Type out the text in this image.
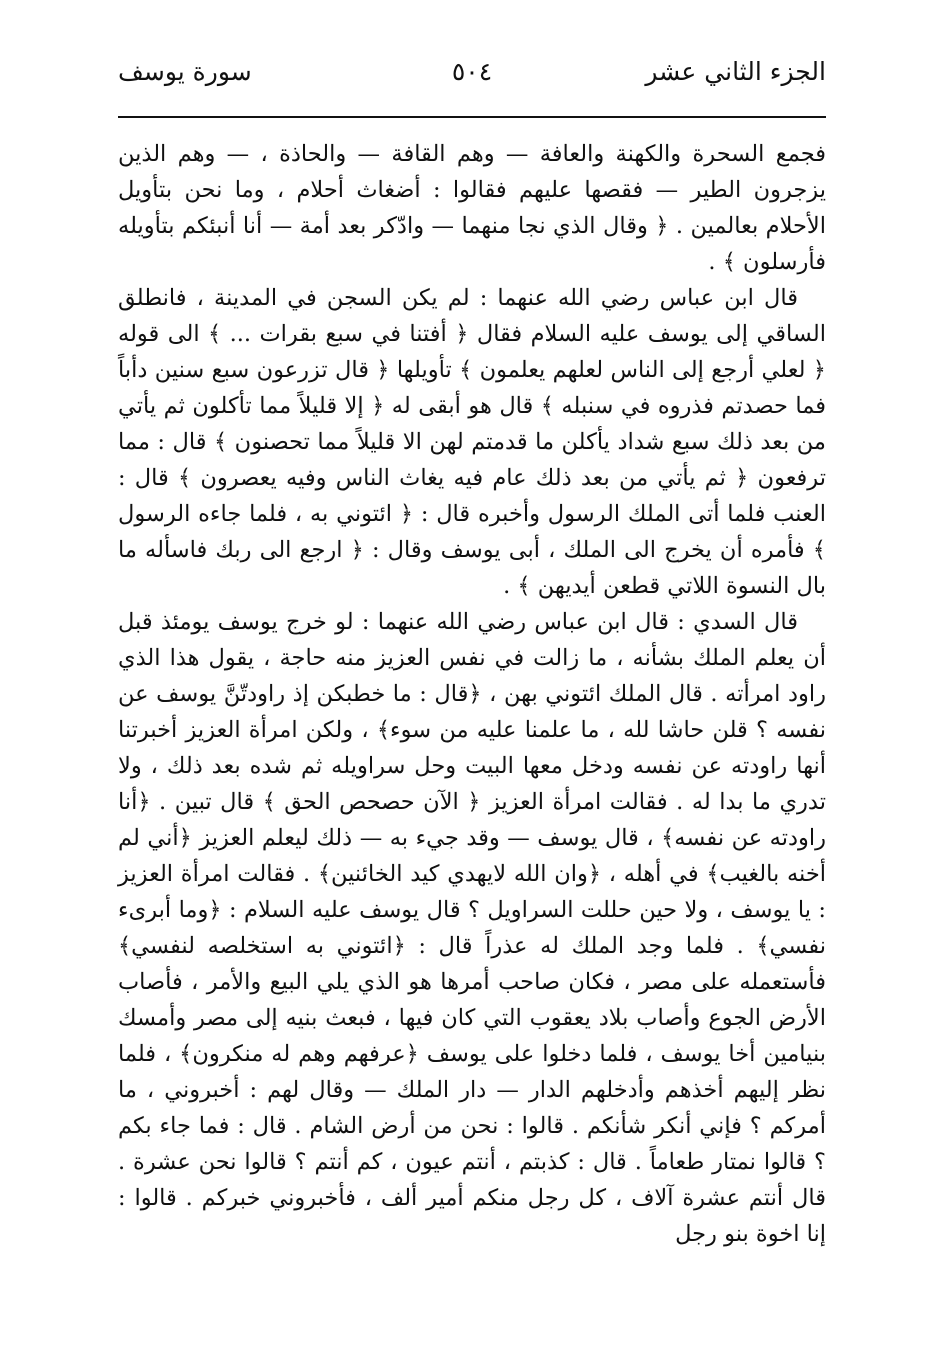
الجزء الثاني عشر
٥٠٤
سورة يوسف

فجمع السحرة والكهنة والعافة — وهم القافة — والحاذة ، — وهم الذين يزجرون الطير — فقصها عليهم فقالوا : أضغاث أحلام ، وما نحن بتأويل الأحلام بعالمين . ﴿ وقال الذي نجا منهما — وادّكر بعد أمة — أنا أنبئكم بتأويله فأرسلون ﴾ .

قال ابن عباس رضي الله عنهما : لم يكن السجن في المدينة ، فانطلق الساقي إلى يوسف عليه السلام فقال ﴿ أفتنا في سبع بقرات ... ﴾ الى قوله ﴿ لعلي أرجع إلى الناس لعلهم يعلمون ﴾ تأويلها ﴿ قال تزرعون سبع سنين دأباً فما حصدتم فذروه في سنبله ﴾ قال هو أبقى له ﴿ إلا قليلاً مما تأكلون ثم يأتي من بعد ذلك سبع شداد يأكلن ما قدمتم لهن الا قليلاً مما تحصنون ﴾ قال : مما ترفعون ﴿ ثم يأتي من بعد ذلك عام فيه يغاث الناس وفيه يعصرون ﴾ قال : العنب فلما أتى الملك الرسول وأخبره قال : ﴿ ائتوني به ، فلما جاءه الرسول ﴾ فأمره أن يخرج الى الملك ، أبى يوسف وقال : ﴿ ارجع الى ربك فاسأله ما بال النسوة اللاتي قطعن أيديهن ﴾ .

قال السدي : قال ابن عباس رضي الله عنهما : لو خرج يوسف يومئذ قبل أن يعلم الملك بشأنه ، ما زالت في نفس العزيز منه حاجة ، يقول هذا الذي راود امرأته . قال الملك ائتوني بهن ، ﴿قال : ما خطبكن إذ راودتّنَّ يوسف عن نفسه ؟ قلن حاشا لله ، ما علمنا عليه من سوء﴾ ، ولكن امرأة العزيز أخبرتنا أنها راودته عن نفسه ودخل معها البيت وحل سراويله ثم شده بعد ذلك ، ولا تدري ما بدا له . فقالت امرأة العزيز ﴿ الآن حصحص الحق ﴾ قال تبين . ﴿أنا راودته عن نفسه﴾ ، قال يوسف — وقد جيء به — ذلك ليعلم العزيز ﴿أني لم أخنه بالغيب﴾ في أهله ، ﴿وان الله لايهدي كيد الخائنين﴾ . فقالت امرأة العزيز : يا يوسف ، ولا حين حللت السراويل ؟ قال يوسف عليه السلام : ﴿وما أبرىء نفسي﴾ . فلما وجد الملك له عذراً قال : ﴿ائتوني به استخلصه لنفسي﴾ فأستعمله على مصر ، فكان صاحب أمرها هو الذي يلي البيع والأمر ، فأصاب الأرض الجوع وأصاب بلاد يعقوب التي كان فيها ، فبعث بنيه إلى مصر وأمسك بنيامين أخا يوسف ، فلما دخلوا على يوسف ﴿عرفهم وهم له منكرون﴾ ، فلما نظر إليهم أخذهم وأدخلهم الدار — دار الملك — وقال لهم : أخبروني ، ما أمركم ؟ فإني أنكر شأنكم . قالوا : نحن من أرض الشام . قال : فما جاء بكم ؟ قالوا نمتار طعاماً . قال : كذبتم ، أنتم عيون ، كم أنتم ؟ قالوا نحن عشرة . قال أنتم عشرة آلاف ، كل رجل منكم أمير ألف ، فأخبروني خبركم . قالوا : إنا اخوة بنو رجل
